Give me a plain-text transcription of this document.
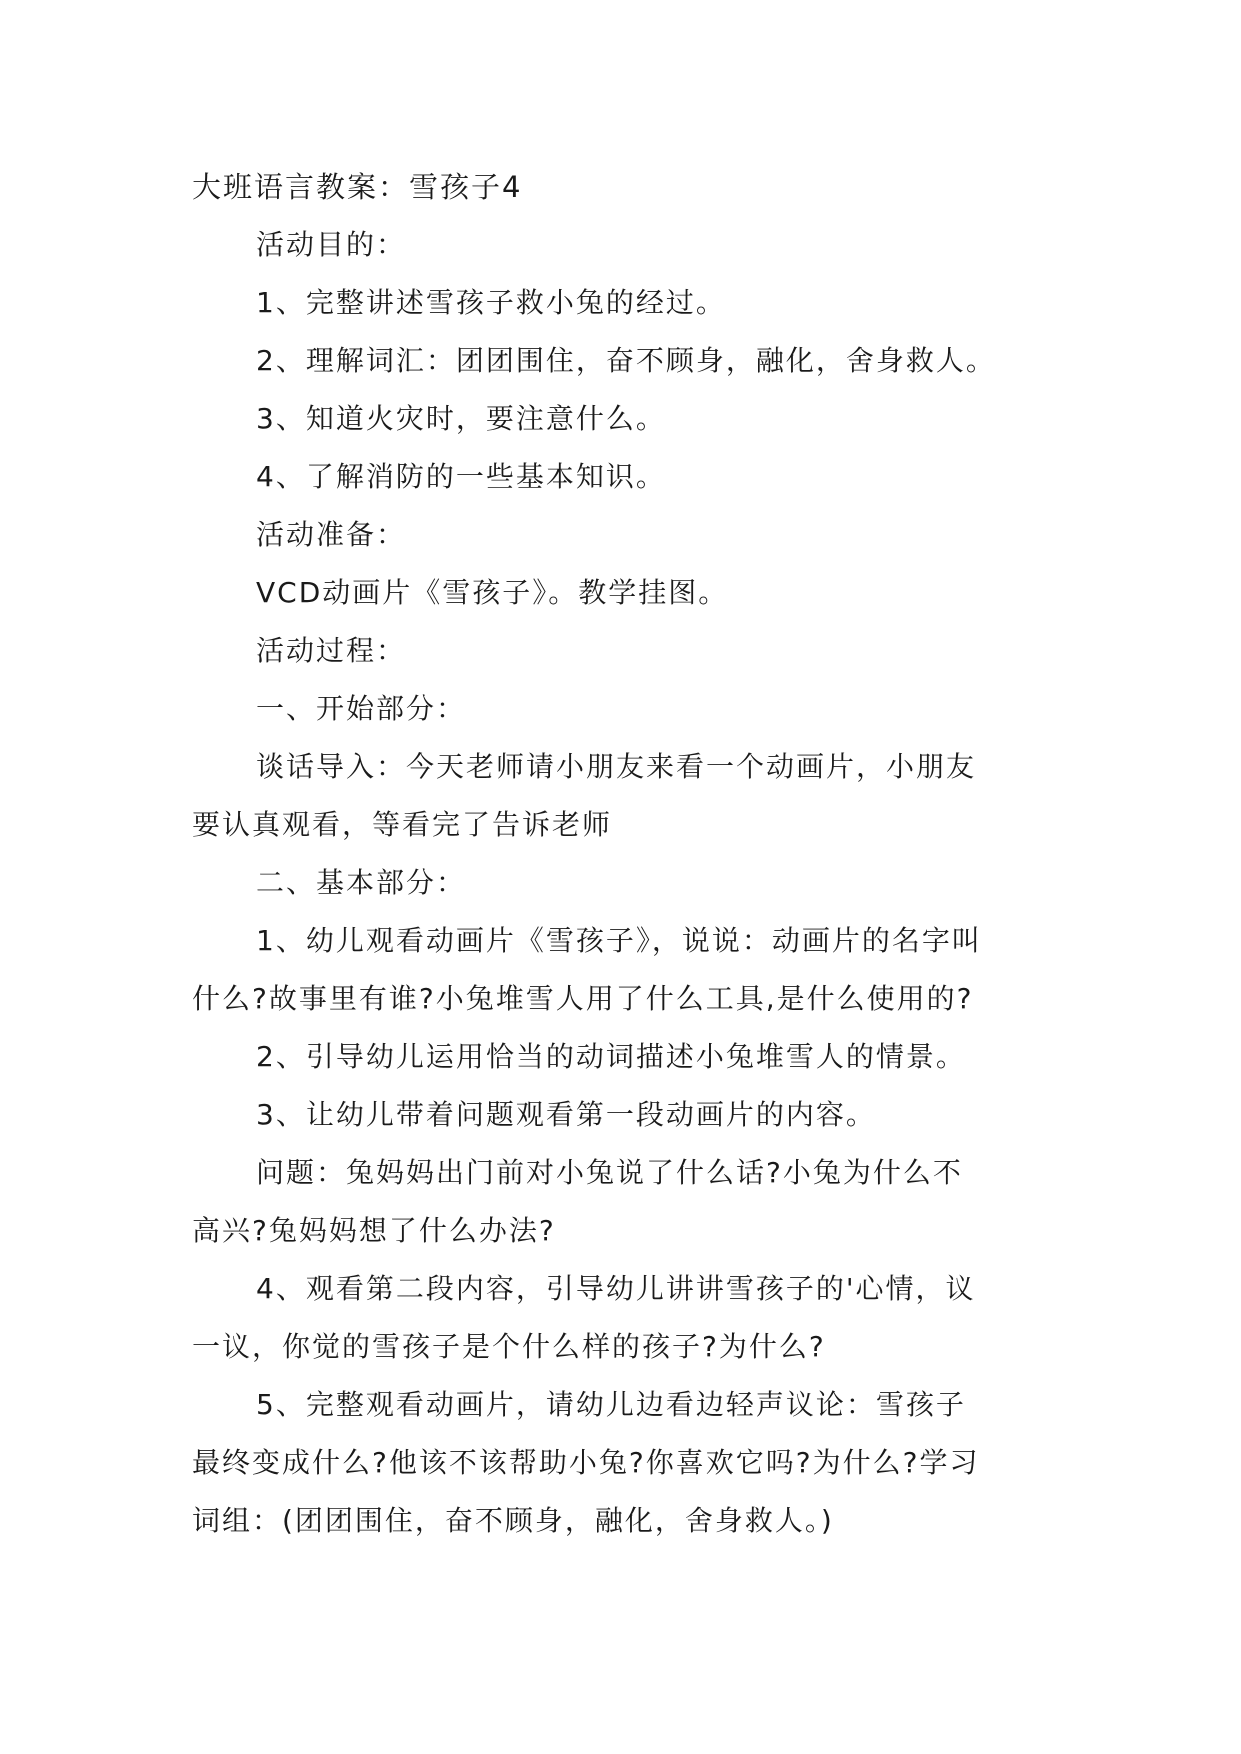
大班语言教案：雪孩子4
活动目的：
1、完整讲述雪孩子救小兔的经过。
2、理解词汇：团团围住，奋不顾身，融化，舍身救人。
3、知道火灾时，要注意什么。
4、了解消防的一些基本知识。
活动准备：
VCD动画片《雪孩子》。教学挂图。
活动过程：
一、开始部分：
谈话导入：今天老师请小朋友来看一个动画片，小朋友
要认真观看，等看完了告诉老师
二、基本部分：
1、幼儿观看动画片《雪孩子》，说说：动画片的名字叫
什么?故事里有谁?小兔堆雪人用了什么工具,是什么使用的?
2、引导幼儿运用恰当的动词描述小兔堆雪人的情景。
3、让幼儿带着问题观看第一段动画片的内容。
问题：兔妈妈出门前对小兔说了什么话?小兔为什么不
高兴?兔妈妈想了什么办法?
4、观看第二段内容，引导幼儿讲讲雪孩子的'心情，议
一议，你觉的雪孩子是个什么样的孩子?为什么?
5、完整观看动画片，请幼儿边看边轻声议论：雪孩子
最终变成什么?他该不该帮助小兔?你喜欢它吗?为什么?学习
词组：(团团围住，奋不顾身，融化，舍身救人。)
